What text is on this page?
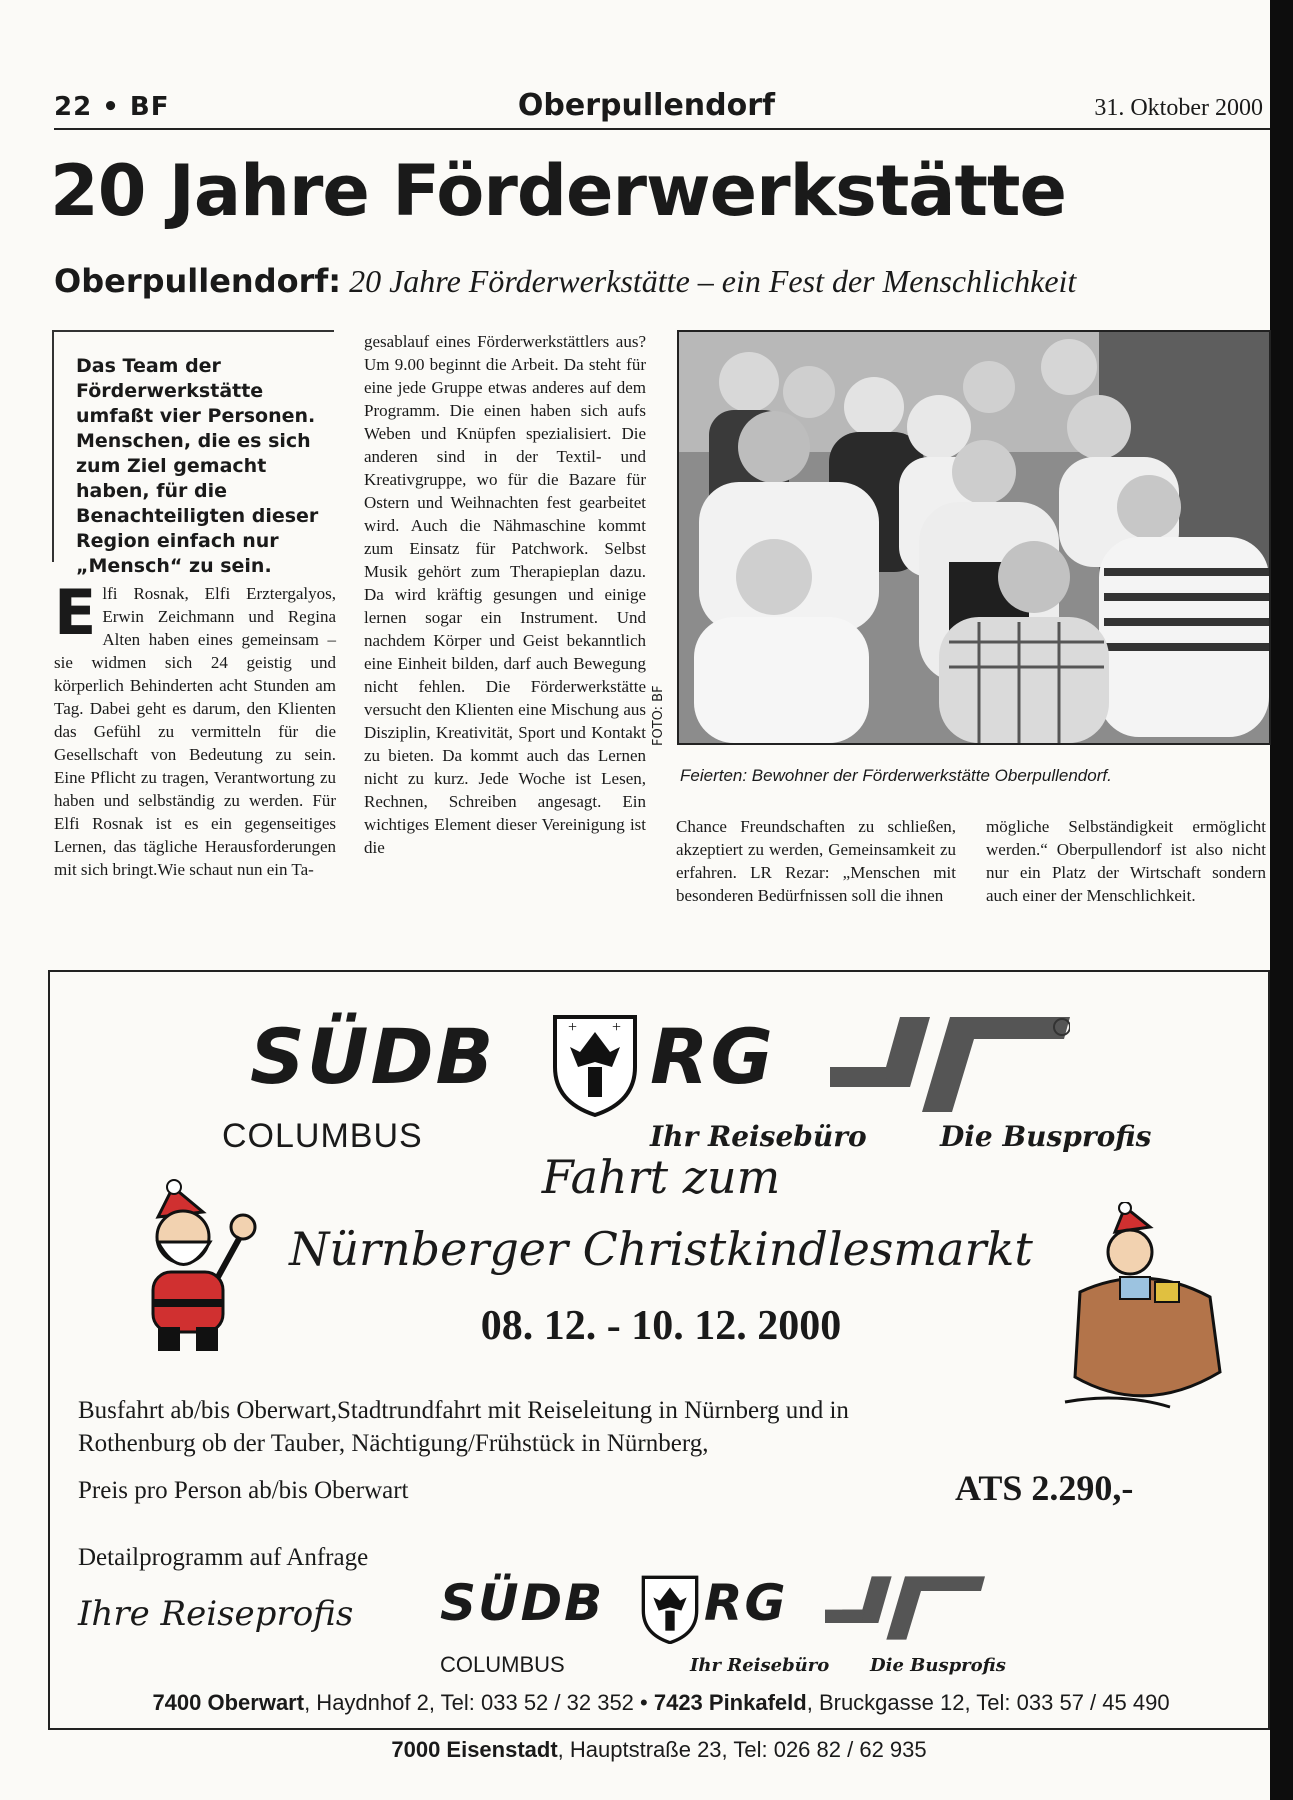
22 • BF	Oberpullendorf	31. Oktober 2000
20 Jahre Förderwerkstätte
Oberpullendorf: 20 Jahre Förderwerkstätte – ein Fest der Menschlichkeit
Das Team der Förderwerkstätte umfaßt vier Personen. Menschen, die es sich zum Ziel gemacht haben, für die Benachteiligten dieser Region einfach nur „Mensch“ zu sein.
E lfi Rosnak, Elfi Erztergalyos, Erwin Zeichmann und Regina Alten haben eines gemeinsam – sie widmen sich 24 geistig und körperlich Behinderten acht Stunden am Tag. Dabei geht es darum, den Klienten das Gefühl zu vermitteln für die Gesellschaft von Bedeutung zu sein. Eine Pflicht zu tragen, Verantwortung zu haben und selbständig zu werden. Für Elfi Rosnak ist es ein gegenseitiges Lernen, das tägliche Herausforderungen mit sich bringt.Wie schaut nun ein Ta-
gesablauf eines Förderwerkstättlers aus? Um 9.00 beginnt die Arbeit. Da steht für eine jede Gruppe etwas anderes auf dem Programm. Die einen haben sich aufs Weben und Knüpfen spezialisiert. Die anderen sind in der Textil- und Kreativgruppe, wo für die Bazare für Ostern und Weihnachten fest gearbeitet wird. Auch die Nähmaschine kommt zum Einsatz für Patchwork. Selbst Musik gehört zum Therapieplan dazu. Da wird kräftig gesungen und einige lernen sogar ein Instrument. Und nachdem Körper und Geist bekanntlich eine Einheit bilden, darf auch Bewegung nicht fehlen. Die Förderwerkstätte versucht den Klienten eine Mischung aus Disziplin, Kreativität, Sport und Kontakt zu bieten. Da kommt auch das Lernen nicht zu kurz. Jede Woche ist Lesen, Rechnen, Schreiben angesagt. Ein wichtiges Element dieser Vereinigung ist die
FOTO: BF
Feierten: Bewohner der Förderwerkstätte Oberpullendorf.
Chance Freundschaften zu schließen, akzeptiert zu werden, Gemeinsamkeit zu erfahren. LR Rezar: „Menschen mit besonderen Bedürfnissen soll die ihnen
mögliche Selbständigkeit ermöglicht werden.“ Oberpullendorf ist also nicht nur ein Platz der Wirtschaft sondern auch einer der Menschlichkeit.
SÜDB	+ + RG
COLUMBUS	Ihr Reisebüro	Die Busprofis
Fahrt zum
Nürnberger Christkindlesmarkt
08. 12. - 10. 12. 2000
Busfahrt ab/bis Oberwart,Stadtrundfahrt mit Reiseleitung in Nürnberg und in
Rothenburg ob der Tauber, Nächtigung/Frühstück in Nürnberg,
Preis pro Person ab/bis Oberwart	ATS 2.290,-
Detailprogramm auf Anfrage
Ihre Reiseprofis SÜDB RG
COLUMBUS	Ihr Reisebüro Die Busprofis
7400 Oberwart, Haydnhof 2, Tel: 033 52 / 32 352 • 7423 Pinkafeld, Bruckgasse 12, Tel: 033 57 / 45 490
7000 Eisenstadt, Hauptstraße 23, Tel: 026 82 / 62 935
